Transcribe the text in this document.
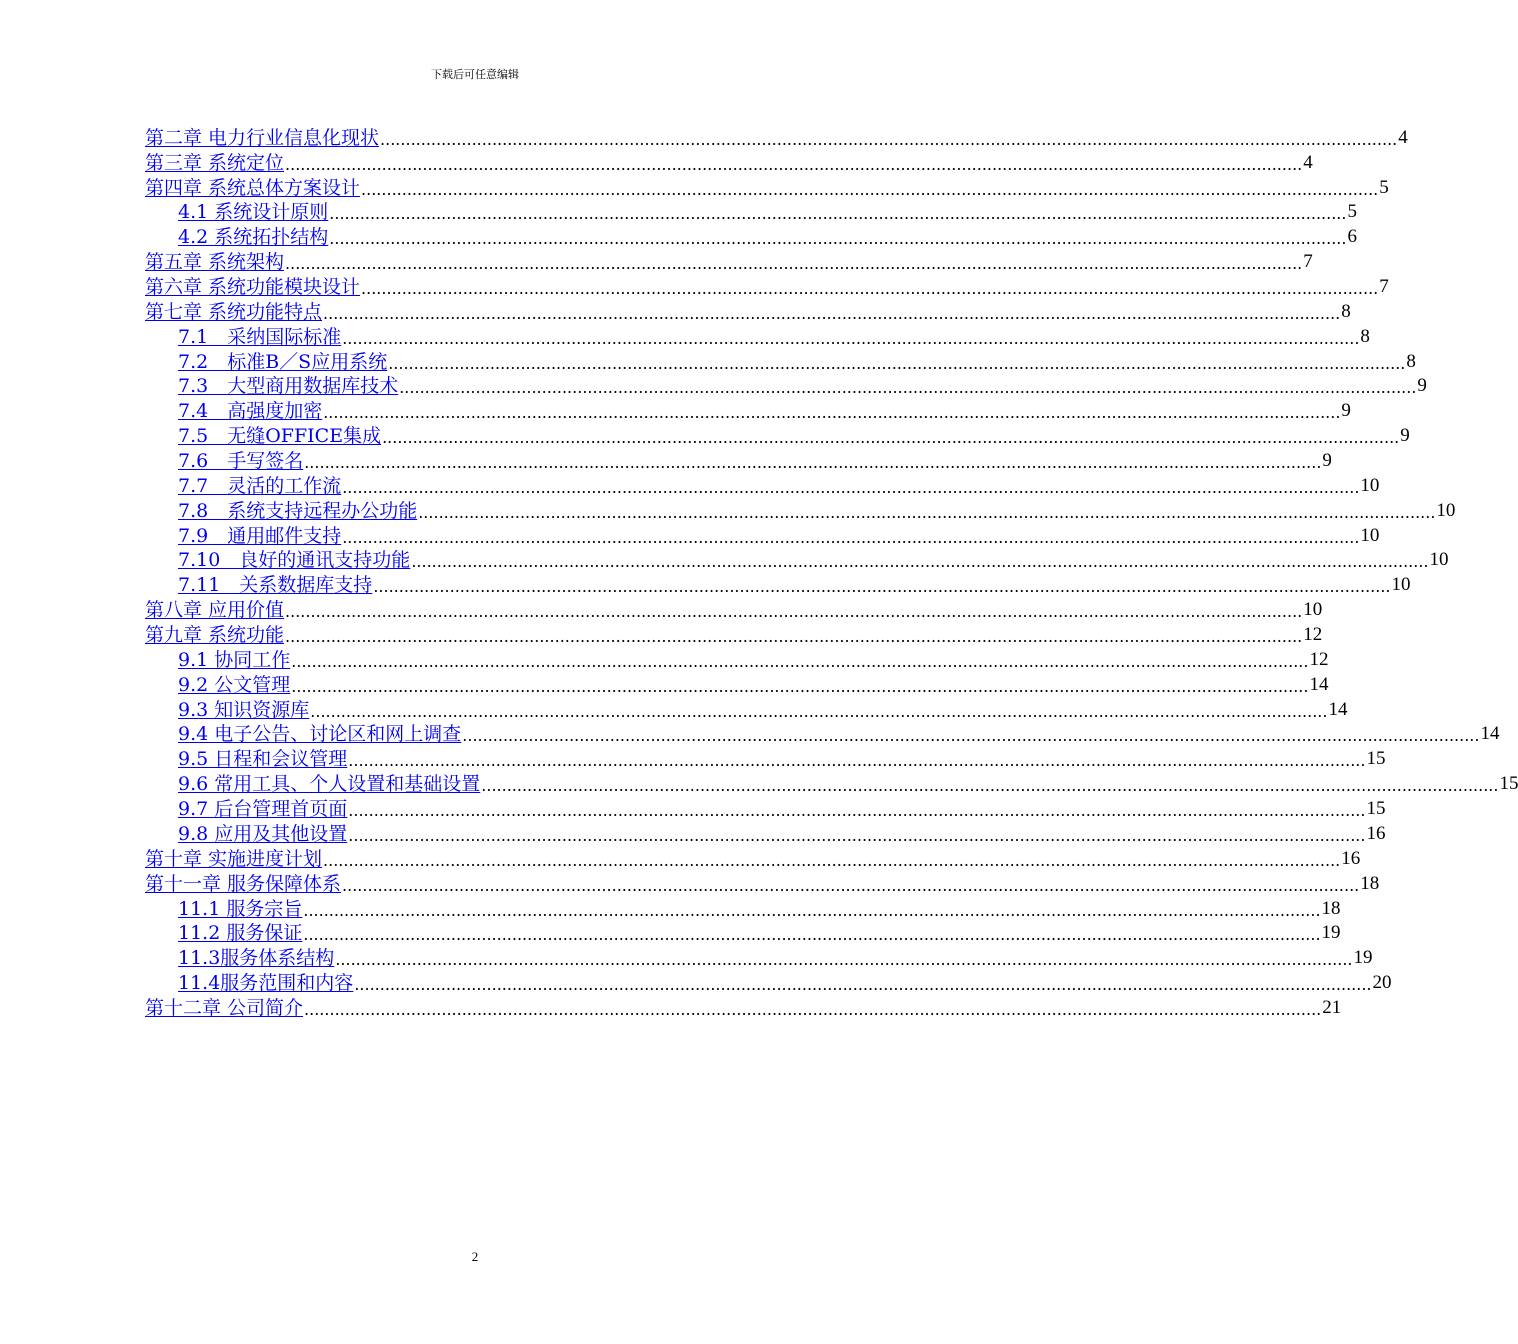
下载后可任意编辑
第二章 电力行业信息化现状 ........................................................................................................................................................................................................ 4
第三章 系统定位 ........................................................................................................................................................................................................ 4
第四章 系统总体方案设计 ........................................................................................................................................................................................................ 5
4.1 系统设计原则 ........................................................................................................................................................................................................ 5
4.2 系统拓扑结构 ........................................................................................................................................................................................................ 6
第五章 系统架构 ........................................................................................................................................................................................................ 7
第六章 系统功能模块设计 ........................................................................................................................................................................................................ 7
第七章 系统功能特点 ........................................................................................................................................................................................................ 8
7.1　采纳国际标准 ........................................................................................................................................................................................................ 8
7.2　标准B／S应用系统 ........................................................................................................................................................................................................ 8
7.3　大型商用数据库技术 ........................................................................................................................................................................................................ 9
7.4　高强度加密 ........................................................................................................................................................................................................ 9
7.5　无缝OFFICE集成 ........................................................................................................................................................................................................ 9
7.6　手写签名 ........................................................................................................................................................................................................ 9
7.7　灵活的工作流 ........................................................................................................................................................................................................ 10
7.8　系统支持远程办公功能 ........................................................................................................................................................................................................ 10
7.9　通用邮件支持 ........................................................................................................................................................................................................ 10
7.10　良好的通讯支持功能 ........................................................................................................................................................................................................ 10
7.11　关系数据库支持 ........................................................................................................................................................................................................ 10
第八章 应用价值 ........................................................................................................................................................................................................ 10
第九章 系统功能 ........................................................................................................................................................................................................ 12
9.1 协同工作 ........................................................................................................................................................................................................ 12
9.2 公文管理 ........................................................................................................................................................................................................ 14
9.3 知识资源库 ........................................................................................................................................................................................................ 14
9.4 电子公告、讨论区和网上调查 ........................................................................................................................................................................................................ 14
9.5 日程和会议管理 ........................................................................................................................................................................................................ 15
9.6 常用工具、个人设置和基础设置 ........................................................................................................................................................................................................ 15
9.7 后台管理首页面 ........................................................................................................................................................................................................ 15
9.8 应用及其他设置 ........................................................................................................................................................................................................ 16
第十章 实施进度计划 ........................................................................................................................................................................................................ 16
第十一章 服务保障体系 ........................................................................................................................................................................................................ 18
11.1 服务宗旨 ........................................................................................................................................................................................................ 18
11.2 服务保证 ........................................................................................................................................................................................................ 19
11.3服务体系结构 ........................................................................................................................................................................................................ 19
11.4服务范围和内容 ........................................................................................................................................................................................................ 20
第十二章 公司简介 ........................................................................................................................................................................................................ 21
2
